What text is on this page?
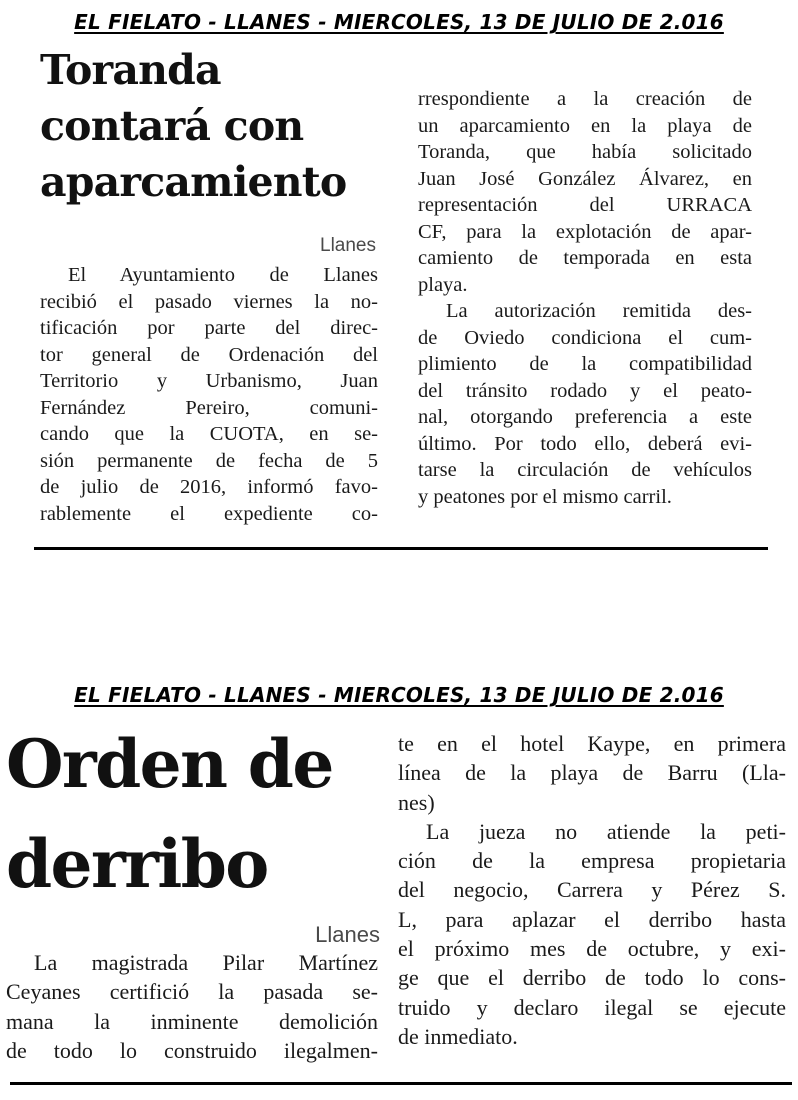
EL FIELATO - LLANES - MIERCOLES, 13 DE JULIO DE 2.016
Toranda
contará con
aparcamiento
Llanes
El Ayuntamiento de Llanes
recibió el pasado viernes la no-
tificación por parte del direc-
tor general de Ordenación del
Territorio y Urbanismo, Juan
Fernández Pereiro, comuni-
cando que la CUOTA, en se-
sión permanente de fecha de 5
de julio de 2016, informó favo-
rablemente el expediente co-
rrespondiente a la creación de
un aparcamiento en la playa de
Toranda, que había solicitado
Juan José González Álvarez, en
representación del URRACA
CF, para la explotación de apar-
camiento de temporada en esta
playa.
La autorización remitida des-
de Oviedo condiciona el cum-
plimiento de la compatibilidad
del tránsito rodado y el peato-
nal, otorgando preferencia a este
último. Por todo ello, deberá evi-
tarse la circulación de vehículos
y peatones por el mismo carril.
EL FIELATO - LLANES - MIERCOLES, 13 DE JULIO DE 2.016
Orden de
derribo
Llanes
La magistrada Pilar Martínez
Ceyanes certifició la pasada se-
mana la inminente demolición
de todo lo construido ilegalmen-
te en el hotel Kaype, en primera
línea de la playa de Barru (Lla-
nes)
La jueza no atiende la peti-
ción de la empresa propietaria
del negocio, Carrera y Pérez S.
L, para aplazar el derribo hasta
el próximo mes de octubre, y exi-
ge que el derribo de todo lo cons-
truido y declaro ilegal se ejecute
de inmediato.
